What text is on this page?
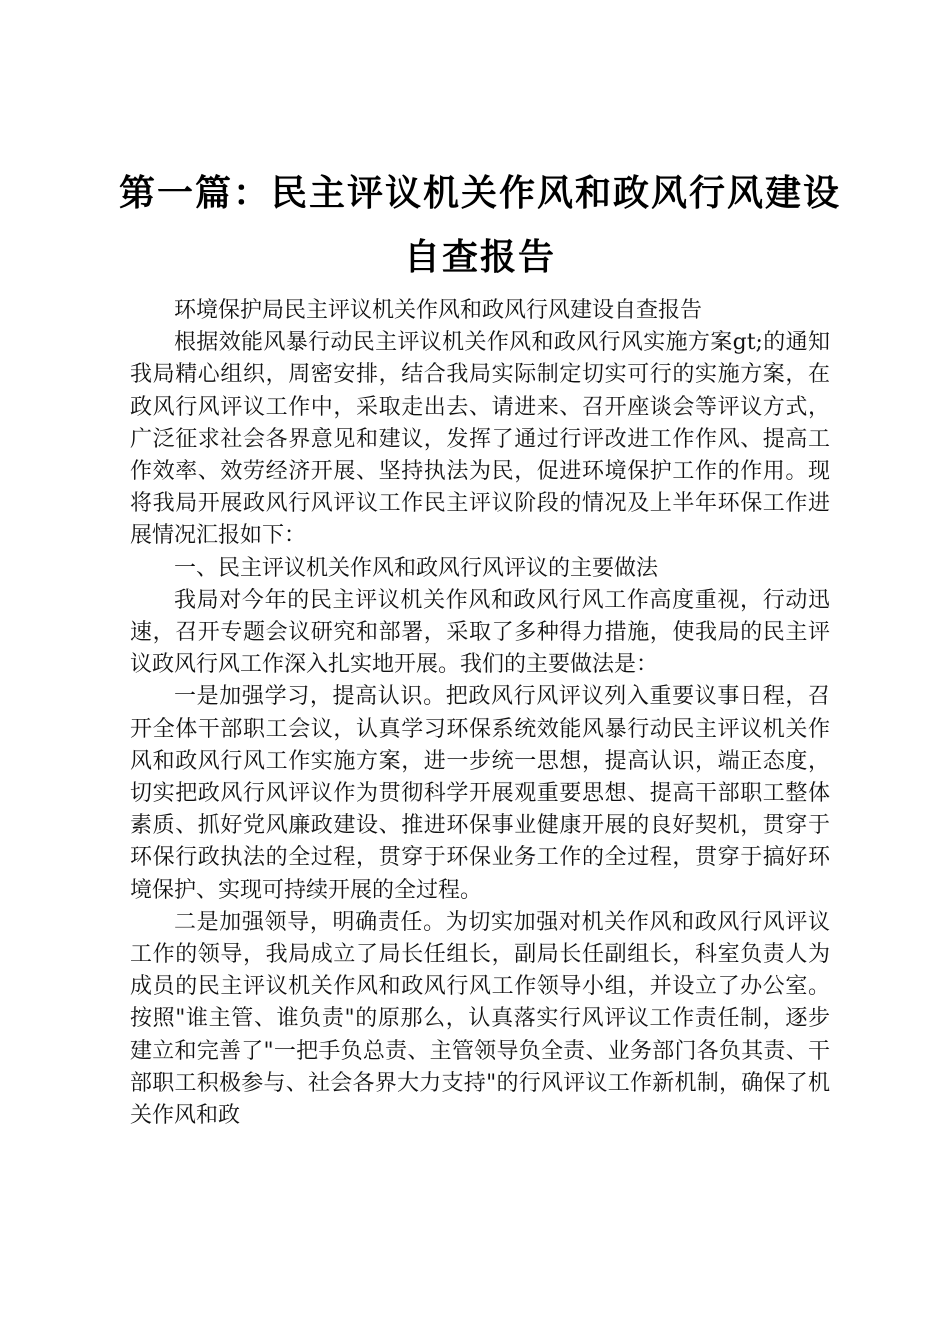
第一篇：民主评议机关作风和政风行风建设自查报告

环境保护局民主评议机关作风和政风行风建设自查报告

根据效能风暴行动民主评议机关作风和政风行风实施方案gt;的通知我局精心组织，周密安排，结合我局实际制定切实可行的实施方案，在政风行风评议工作中，采取走出去、请进来、召开座谈会等评议方式，广泛征求社会各界意见和建议，发挥了通过行评改进工作作风、提高工作效率、效劳经济开展、坚持执法为民，促进环境保护工作的作用。现将我局开展政风行风评议工作民主评议阶段的情况及上半年环保工作进展情况汇报如下：

一、民主评议机关作风和政风行风评议的主要做法

我局对今年的民主评议机关作风和政风行风工作高度重视，行动迅速，召开专题会议研究和部署，采取了多种得力措施，使我局的民主评议政风行风工作深入扎实地开展。我们的主要做法是：

一是加强学习，提高认识。把政风行风评议列入重要议事日程，召开全体干部职工会议，认真学习环保系统效能风暴行动民主评议机关作风和政风行风工作实施方案，进一步统一思想，提高认识，端正态度，切实把政风行风评议作为贯彻科学开展观重要思想、提高干部职工整体素质、抓好党风廉政建设、推进环保事业健康开展的良好契机，贯穿于环保行政执法的全过程，贯穿于环保业务工作的全过程，贯穿于搞好环境保护、实现可持续开展的全过程。

二是加强领导，明确责任。为切实加强对机关作风和政风行风评议工作的领导，我局成立了局长任组长，副局长任副组长，科室负责人为成员的民主评议机关作风和政风行风工作领导小组，并设立了办公室。按照"谁主管、谁负责"的原那么，认真落实行风评议工作责任制，逐步建立和完善了"一把手负总责、主管领导负全责、业务部门各负其责、干部职工积极参与、社会各界大力支持"的行风评议工作新机制，确保了机关作风和政
